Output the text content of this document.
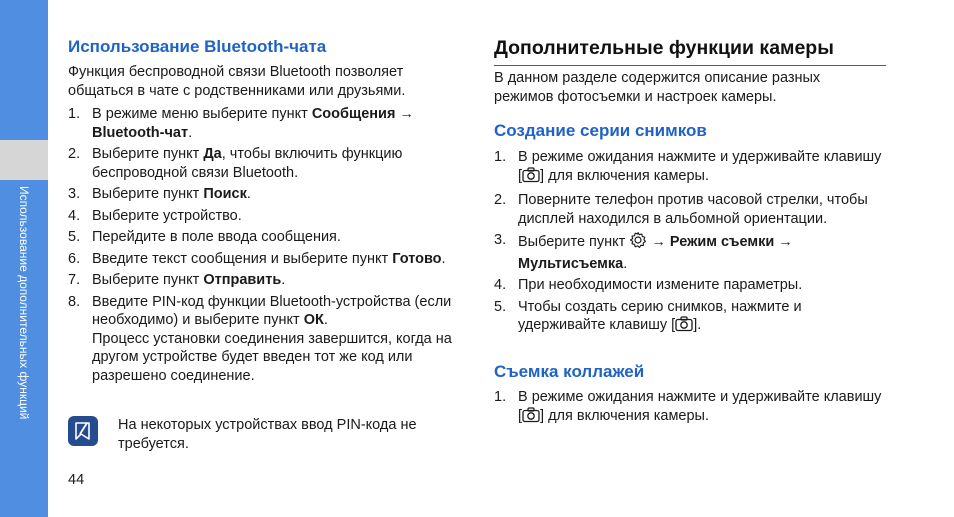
Использование дополнительных функций
Использование Bluetooth-чата

Функция беспроводной связи Bluetooth позволяет общаться в чате с родственниками или друзьями.

1. В режиме меню выберите пункт Сообщения → Bluetooth-чат.
2. Выберите пункт Да, чтобы включить функцию беспроводной связи Bluetooth.
3. Выберите пункт Поиск.
4. Выберите устройство.
5. Перейдите в поле ввода сообщения.
6. Введите текст сообщения и выберите пункт Готово.
7. Выберите пункт Отправить.
8. Введите PIN-код функции Bluetooth-устройства (если необходимо) и выберите пункт ОК.
Процесс установки соединения завершится, когда на другом устройстве будет введен тот же код или разрешено соединение.
На некоторых устройствах ввод PIN-кода не требуется.
Дополнительные функции камеры

В данном разделе содержится описание разных режимов фотосъемки и настроек камеры.

Создание серии снимков
1. В режиме ожидания нажмите и удерживайте клавишу [ ] для включения камеры.
2. Поверните телефон против часовой стрелки, чтобы дисплей находился в альбомной ориентации.
3. Выберите пункт  → Режим съемки → Мультисъемка.
4. При необходимости измените параметры.
5. Чтобы создать серию снимков, нажмите и удерживайте клавишу [ ].
Съемка коллажей
1. В режиме ожидания нажмите и удерживайте клавишу [ ] для включения камеры.
44
